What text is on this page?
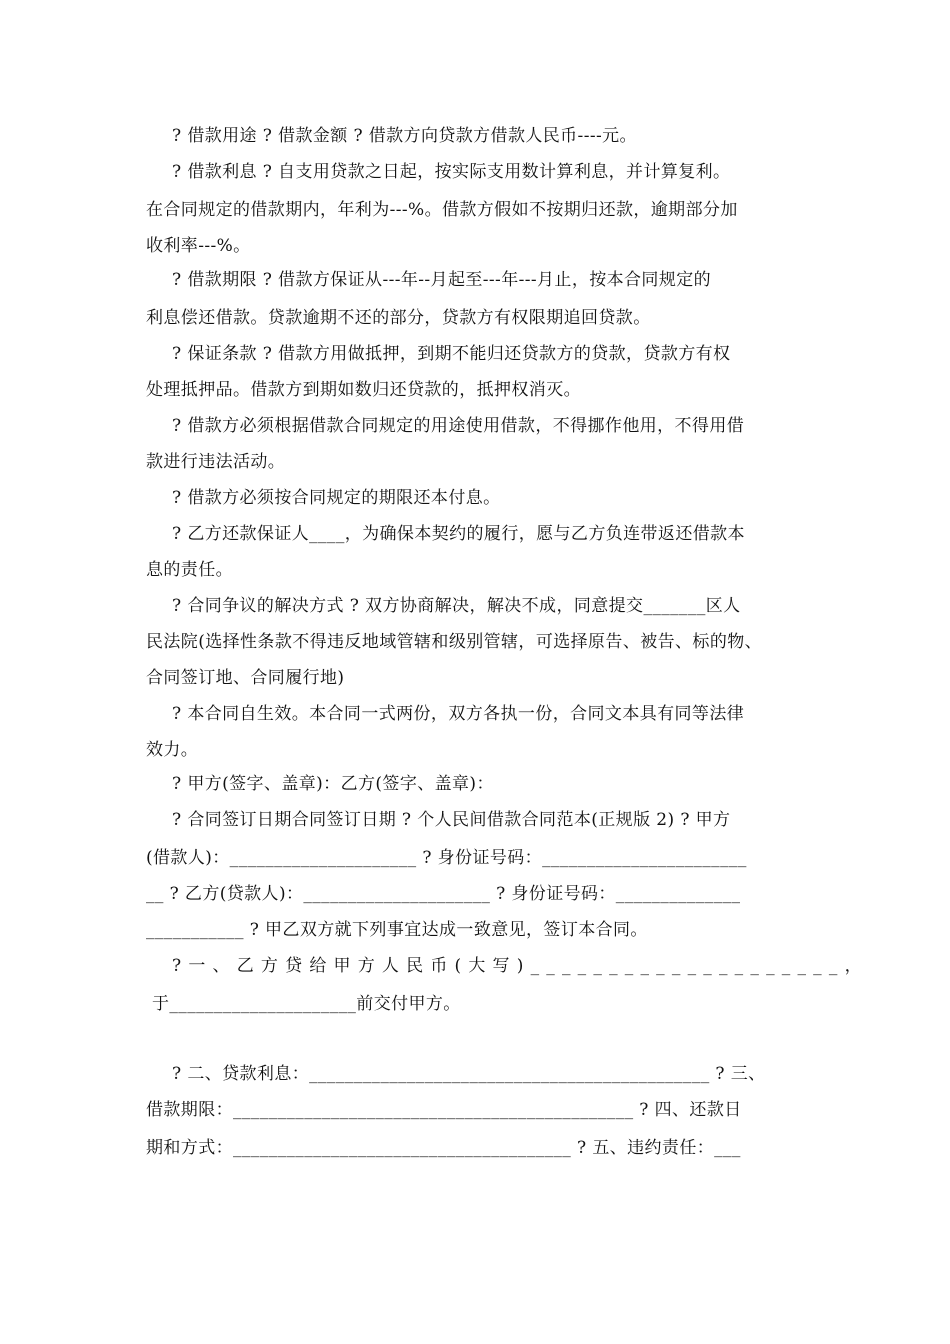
? 借款用途 ? 借款金额 ? 借款方向贷款方借款人民币----元。
? 借款利息 ? 自支用贷款之日起，按实际支用数计算利息，并计算复利。
在合同规定的借款期内，年利为---%。借款方假如不按期归还款，逾期部分加
收利率---%。
? 借款期限 ? 借款方保证从---年--月起至---年---月止，按本合同规定的
利息偿还借款。贷款逾期不还的部分，贷款方有权限期追回贷款。
? 保证条款 ? 借款方用做抵押，到期不能归还贷款方的贷款，贷款方有权
处理抵押品。借款方到期如数归还贷款的，抵押权消灭。
? 借款方必须根据借款合同规定的用途使用借款，不得挪作他用，不得用借
款进行违法活动。
? 借款方必须按合同规定的期限还本付息。
? 乙方还款保证人____，为确保本契约的履行，愿与乙方负连带返还借款本
息的责任。
? 合同争议的解决方式 ? 双方协商解决，解决不成，同意提交_______区人
民法院(选择性条款不得违反地域管辖和级别管辖，可选择原告、被告、标的物、
合同签订地、合同履行地)
? 本合同自生效。本合同一式两份，双方各执一份，合同文本具有同等法律
效力。
? 甲方(签字、盖章)：乙方(签字、盖章)：
? 合同签订日期合同签订日期 ? 个人民间借款合同范本(正规版 2) ? 甲方
(借款人)：_____________________ ? 身份证号码：_______________________
__ ? 乙方(贷款人)：_____________________ ? 身份证号码：______________
___________ ? 甲乙双方就下列事宜达成一致意见，签订本合同。
?一、乙方贷给甲方人民币(大写)____________________，
于_____________________前交付甲方。
? 二、贷款利息：_____________________________________________ ? 三、
借款期限：_____________________________________________ ? 四、还款日
期和方式：______________________________________ ? 五、违约责任：___
